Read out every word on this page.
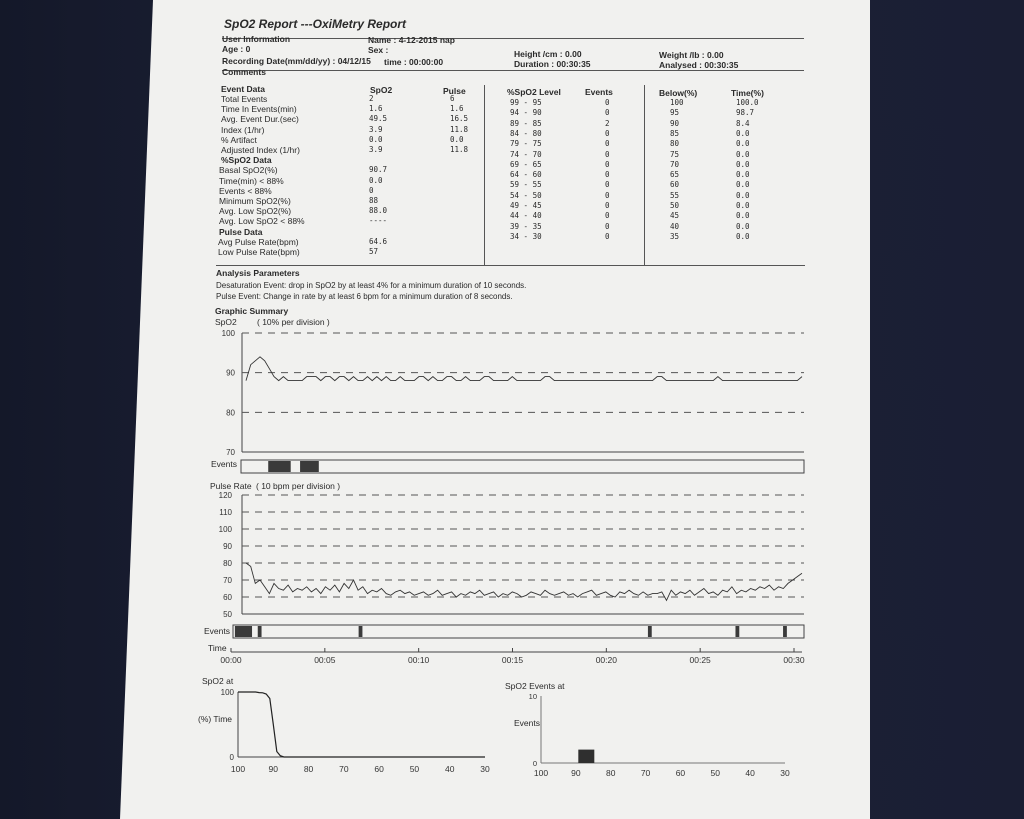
100
90
80
70
120
110
100
90
80
70
60
50
00:00	00:05	00:10	00:15	00:20	00:25	00:30
100
0
100	90	80	70	60	50	40	30
10
0
100	90	80	70	60	50	40	30
SpO2 Report ---OxiMetry Report
User Information	Name : 4-12-2015 nap
Age : 0	Sex :	Height /cm : 0.00	Weight /lb : 0.00
Recording Date(mm/dd/yy) : 04/12/15 time : 00:00:00	Duration : 00:30:35	Analysed : 00:30:35
Comments
Event Data	SpO2	Pulse	%SpO2 Level	Events	Below(%)	Time(%)
Analysis Parameters
Desaturation Event: drop in SpO2 by at least 4% for a minimum duration of 10 seconds.
Pulse Event: Change in rate by at least 6 bpm for a minimum duration of 8 seconds.
Graphic Summary
SpO2 ( 10% per division )
Events
Pulse Rate ( 10 bpm per division )
Events
Time
SpO2 at
(%) Time
SpO2 Events at
Events
Total Events	2	6
Time In Events(min)	1.6	1.6
Avg. Event Dur.(sec)	49.5	16.5
Index (1/hr)	3.9	11.8
% Artifact	0.0	0.0
Adjusted Index (1/hr)	3.9	11.8
%SpO2 Data
Basal SpO2(%)	90.7
Time(min) < 88%	0.0
Events < 88%	0
Minimum SpO2(%)	88
Avg. Low SpO2(%)	88.0
Avg. Low SpO2 < 88%	----
Pulse Data
Avg Pulse Rate(bpm)	64.6
Low Pulse Rate(bpm)	57
99 - 95	0	100	100.0
94 - 90	0	95	98.7
89 - 85	2	90	8.4
84 - 80	0	85	0.0
79 - 75	0	80	0.0
74 - 70	0	75	0.0
69 - 65	0	70	0.0
64 - 60	0	65	0.0
59 - 55	0	60	0.0
54 - 50	0	55	0.0
49 - 45	0	50	0.0
44 - 40	0	45	0.0
39 - 35	0	40	0.0
34 - 30	0	35	0.0
